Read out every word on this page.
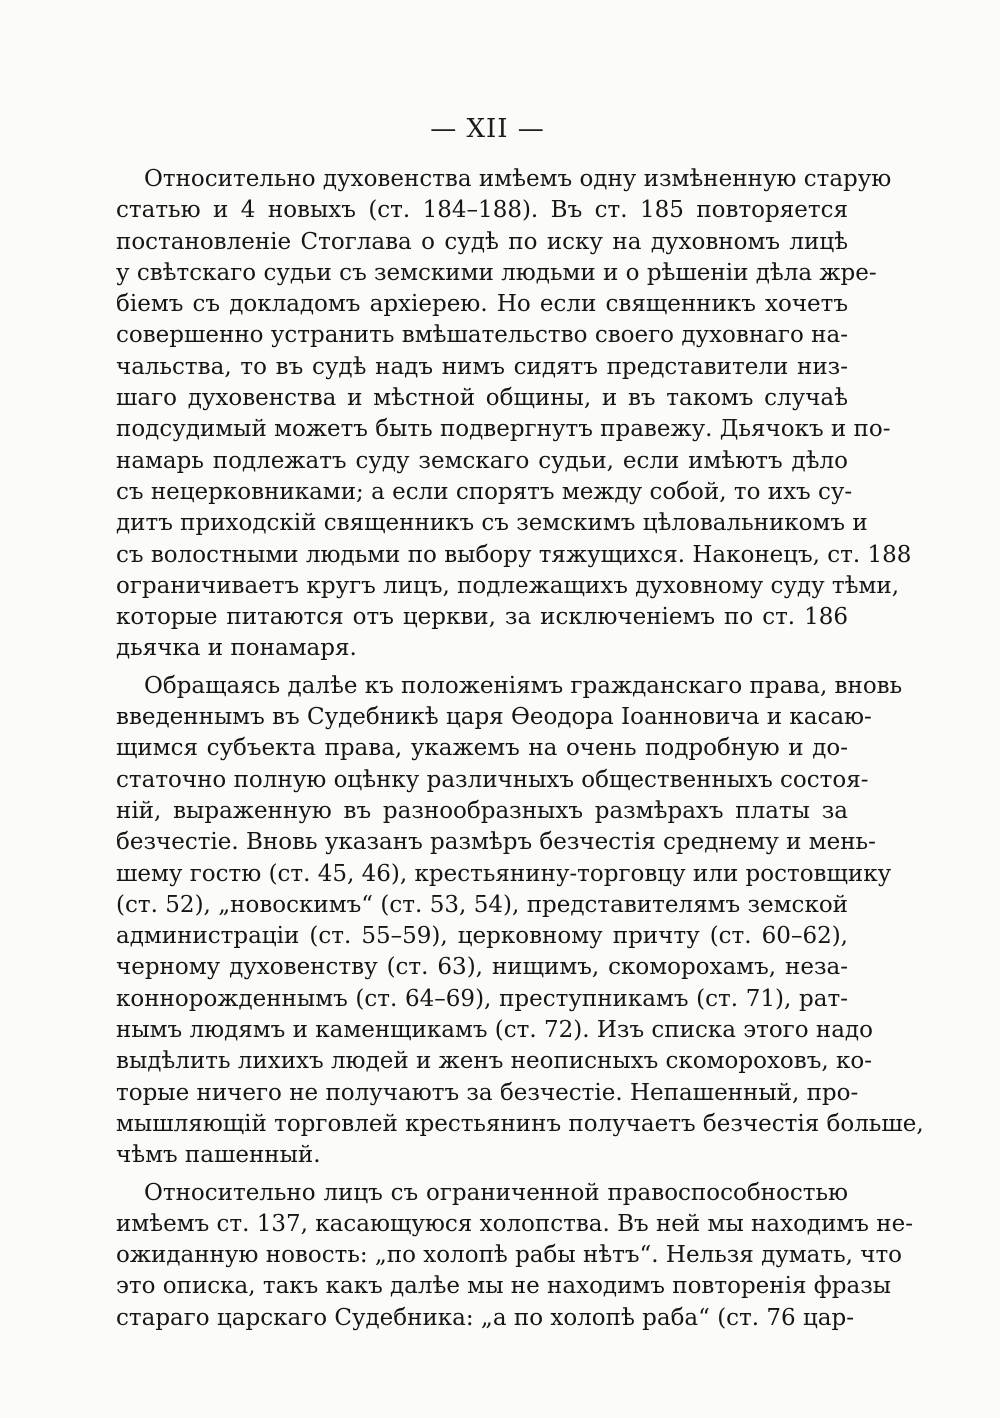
— XII —
Относительно духовенства имѣемъ одну измѣненную старую
статью и 4 новыхъ (ст. 184–188). Въ ст. 185 повторяется
постановленіе Стоглава о судѣ по иску на духовномъ лицѣ
у свѣтскаго судьи съ земскими людьми и о рѣшеніи дѣла жре-
біемъ съ докладомъ архіерею. Но если священникъ хочетъ
совершенно устранить вмѣшательство своего духовнаго на-
чальства, то въ судѣ надъ нимъ сидятъ представители низ-
шаго духовенства и мѣстной общины, и въ такомъ случаѣ
подсудимый можетъ быть подвергнутъ правежу. Дьячокъ и по-
намарь подлежатъ суду земскаго судьи, если имѣютъ дѣло
съ нецерковниками; а если спорятъ между собой, то ихъ су-
дитъ приходскій священникъ съ земскимъ цѣловальникомъ и
съ волостными людьми по выбору тяжущихся. Наконецъ, ст. 188
ограничиваетъ кругъ лицъ, подлежащихъ духовному суду тѣми,
которые питаются отъ церкви, за исключеніемъ по ст. 186
дьячка и понамаря.
Обращаясь далѣе къ положеніямъ гражданскаго права, вновь
введеннымъ въ Судебникѣ царя Ѳеодора Іоанновича и касаю-
щимся субъекта права, укажемъ на очень подробную и до-
статочно полную оцѣнку различныхъ общественныхъ состоя-
ній, выраженную въ разнообразныхъ размѣрахъ платы за
безчестіе. Вновь указанъ размѣръ безчестія среднему и мень-
шему гостю (ст. 45, 46), крестьянину-торговцу или ростовщику
(ст. 52), „новоскимъ“ (ст. 53, 54), представителямъ земской
администраціи (ст. 55–59), церковному причту (ст. 60–62),
черному духовенству (ст. 63), нищимъ, скоморохамъ, неза-
коннорожденнымъ (ст. 64–69), преступникамъ (ст. 71), рат-
нымъ людямъ и каменщикамъ (ст. 72). Изъ списка этого надо
выдѣлить лихихъ людей и женъ неописныхъ скомороховъ, ко-
торые ничего не получаютъ за безчестіе. Непашенный, про-
мышляющій торговлей крестьянинъ получаетъ безчестія больше,
чѣмъ пашенный.
Относительно лицъ съ ограниченной правоспособностью
имѣемъ ст. 137, касающуюся холопства. Въ ней мы находимъ не-
ожиданную новость: „по холопѣ рабы нѣтъ“. Нельзя думать, что
это описка, такъ какъ далѣе мы не находимъ повторенія фразы
стараго царскаго Судебника: „а по холопѣ раба“ (ст. 76 цар-
